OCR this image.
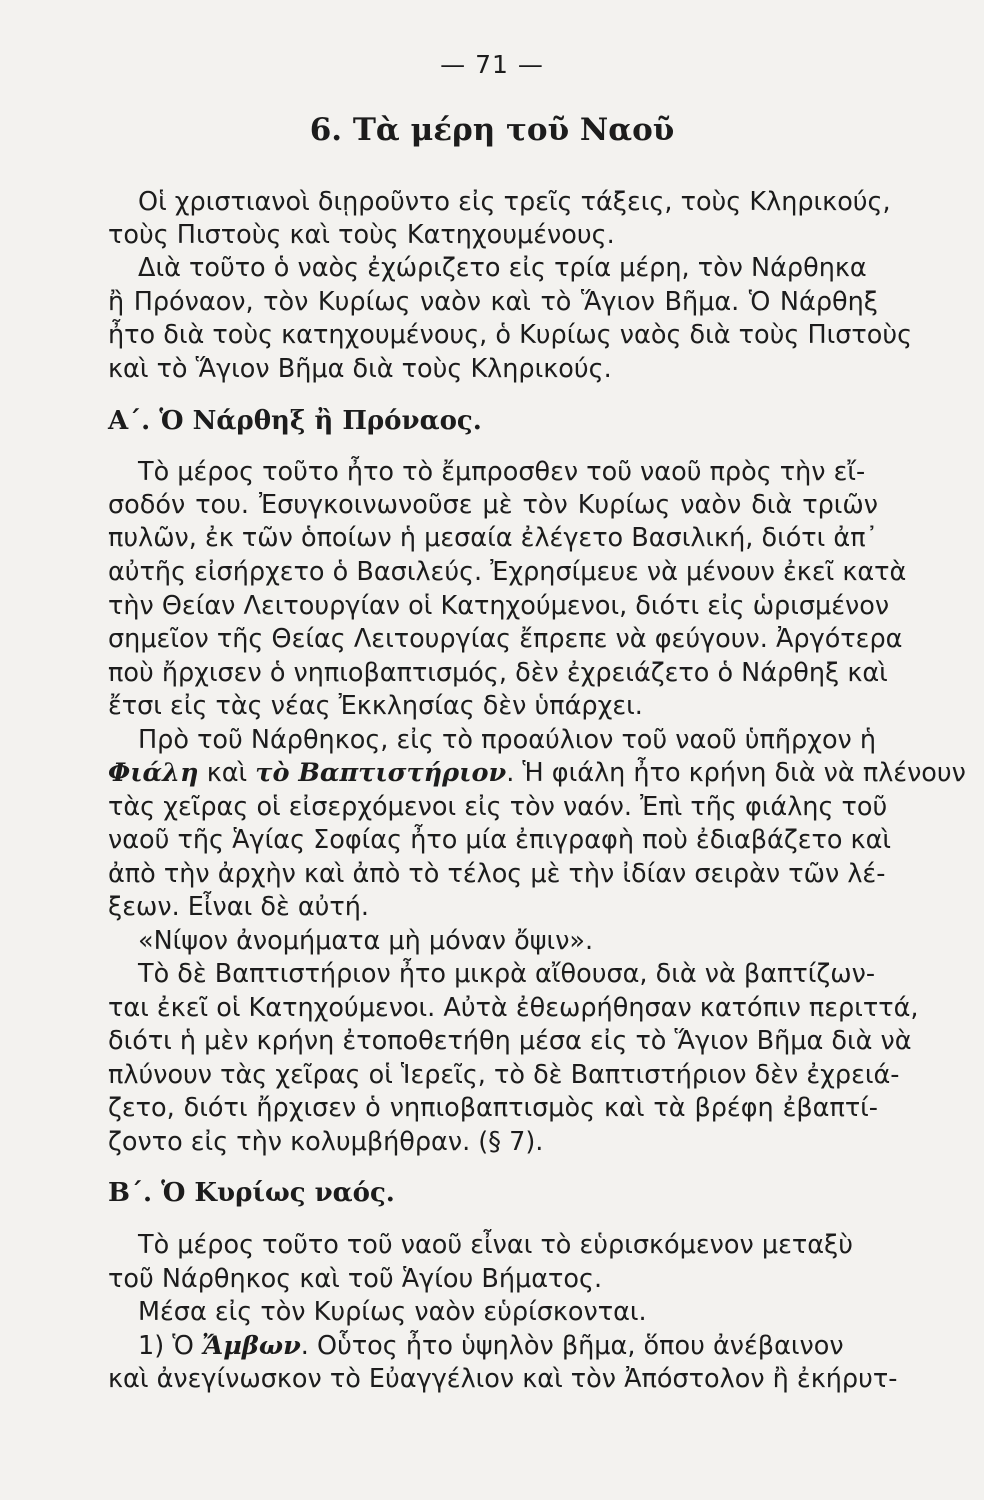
— 71 —
6. Τὰ μέρη τοῦ Ναοῦ
Οἱ χριστιανοὶ διῃροῦντο εἰς τρεῖς τάξεις, τοὺς Κληρικούς,
τοὺς Πιστοὺς καὶ τοὺς Κατηχουμένους.
Διὰ τοῦτο ὁ ναὸς ἐχώριζετο εἰς τρία μέρη, τὸν Νάρθηκα
ἢ Πρόναον, τὸν Κυρίως ναὸν καὶ τὸ Ἅγιον Βῆμα. Ὁ Νάρθηξ
ἦτο διὰ τοὺς κατηχουμένους, ὁ Κυρίως ναὸς διὰ τοὺς Πιστοὺς
καὶ τὸ Ἅγιον Βῆμα διὰ τοὺς Κληρικούς.
Α΄. Ὁ Νάρθηξ ἢ Πρόναος.
Τὸ μέρος τοῦτο ἦτο τὸ ἔμπροσθεν τοῦ ναοῦ πρὸς τὴν εἴ-
σοδόν του. Ἐσυγκοινωνοῦσε μὲ τὸν Κυρίως ναὸν διὰ τριῶν
πυλῶν, ἐκ τῶν ὁποίων ἡ μεσαία ἐλέγετο Βασιλική, διότι ἀπ᾽
αὐτῆς εἰσήρχετο ὁ Βασιλεύς. Ἐχρησίμευε νὰ μένουν ἐκεῖ κατὰ
τὴν Θείαν Λειτουργίαν οἱ Κατηχούμενοι, διότι εἰς ὡρισμένον
σημεῖον τῆς Θείας Λειτουργίας ἔπρεπε νὰ φεύγουν. Ἀργότερα
ποὺ ἤρχισεν ὁ νηπιοβαπτισμός, δὲν ἐχρειάζετο ὁ Νάρθηξ καὶ
ἔτσι εἰς τὰς νέας Ἐκκλησίας δὲν ὑπάρχει.
Πρὸ τοῦ Νάρθηκος, εἰς τὸ προαύλιον τοῦ ναοῦ ὑπῆρχον ἡ
Φιάλη καὶ τὸ Βαπτιστήριον. Ἡ φιάλη ἦτο κρήνη διὰ νὰ πλένουν
τὰς χεῖρας οἱ εἰσερχόμενοι εἰς τὸν ναόν. Ἐπὶ τῆς φιάλης τοῦ
ναοῦ τῆς Ἁγίας Σοφίας ἦτο μία ἐπιγραφὴ ποὺ ἐδιαβάζετο καὶ
ἀπὸ τὴν ἀρχὴν καὶ ἀπὸ τὸ τέλος μὲ τὴν ἰδίαν σειρὰν τῶν λέ-
ξεων. Εἶναι δὲ αὐτή.
«Νίψον ἀνομήματα μὴ μόναν ὄψιν».
Τὸ δὲ Βαπτιστήριον ἦτο μικρὰ αἴθουσα, διὰ νὰ βαπτίζων-
ται ἐκεῖ οἱ Κατηχούμενοι. Αὐτὰ ἐθεωρήθησαν κατόπιν περιττά,
διότι ἡ μὲν κρήνη ἐτοποθετήθη μέσα εἰς τὸ Ἅγιον Βῆμα διὰ νὰ
πλύνουν τὰς χεῖρας οἱ Ἱερεῖς, τὸ δὲ Βαπτιστήριον δὲν ἐχρειά-
ζετο, διότι ἤρχισεν ὁ νηπιοβαπτισμὸς καὶ τὰ βρέφη ἐβαπτί-
ζοντο εἰς τὴν κολυμβήθραν. (§ 7).
Β΄. Ὁ Κυρίως ναός.
Τὸ μέρος τοῦτο τοῦ ναοῦ εἶναι τὸ εὑρισκόμενον μεταξὺ
τοῦ Νάρθηκος καὶ τοῦ Ἁγίου Βήματος.
Μέσα εἰς τὸν Κυρίως ναὸν εὑρίσκονται.
1) Ὁ Ἄμβων. Οὗτος ἦτο ὑψηλὸν βῆμα, ὅπου ἀνέβαινον
καὶ ἀνεγίνωσκον τὸ Εὐαγγέλιον καὶ τὸν Ἀπόστολον ἢ ἐκήρυτ-
